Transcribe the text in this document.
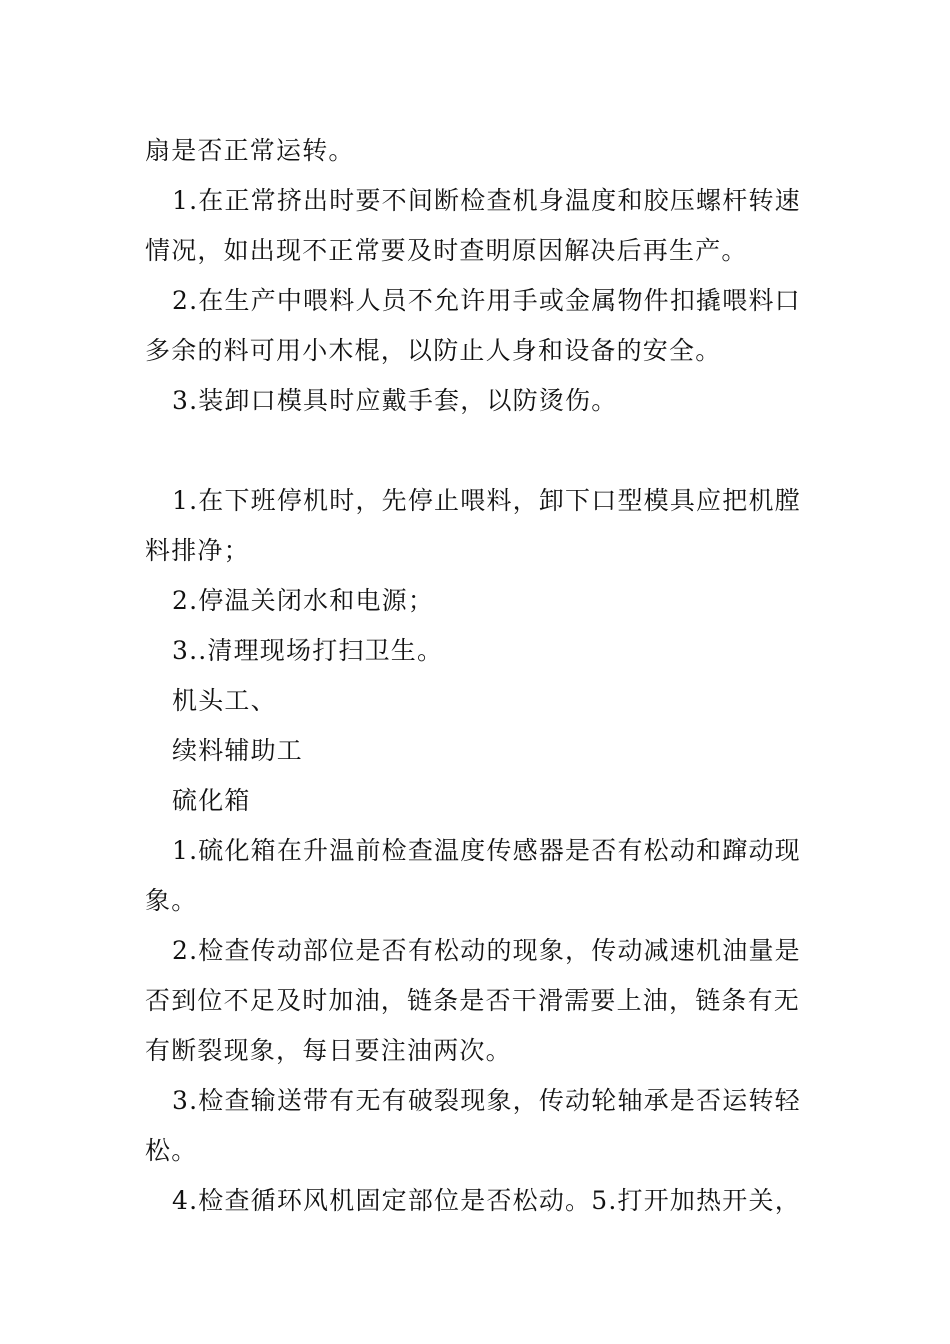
扇是否正常运转。

1.在正常挤出时要不间断检查机身温度和胶压螺杆转速情况，如出现不正常要及时查明原因解决后再生产。

2.在生产中喂料人员不允许用手或金属物件扣撬喂料口多余的料可用小木棍，以防止人身和设备的安全。

3.装卸口模具时应戴手套，以防烫伤。

1.在下班停机时，先停止喂料，卸下口型模具应把机膛料排净；

2.停温关闭水和电源；

3..清理现场打扫卫生。

机头工、

续料辅助工

硫化箱

1.硫化箱在升温前检查温度传感器是否有松动和蹿动现象。

2.检查传动部位是否有松动的现象，传动减速机油量是否到位不足及时加油，链条是否干滑需要上油，链条有无有断裂现象，每日要注油两次。

3.检查输送带有无有破裂现象，传动轮轴承是否运转轻松。

4.检查循环风机固定部位是否松动。5.打开加热开关，
